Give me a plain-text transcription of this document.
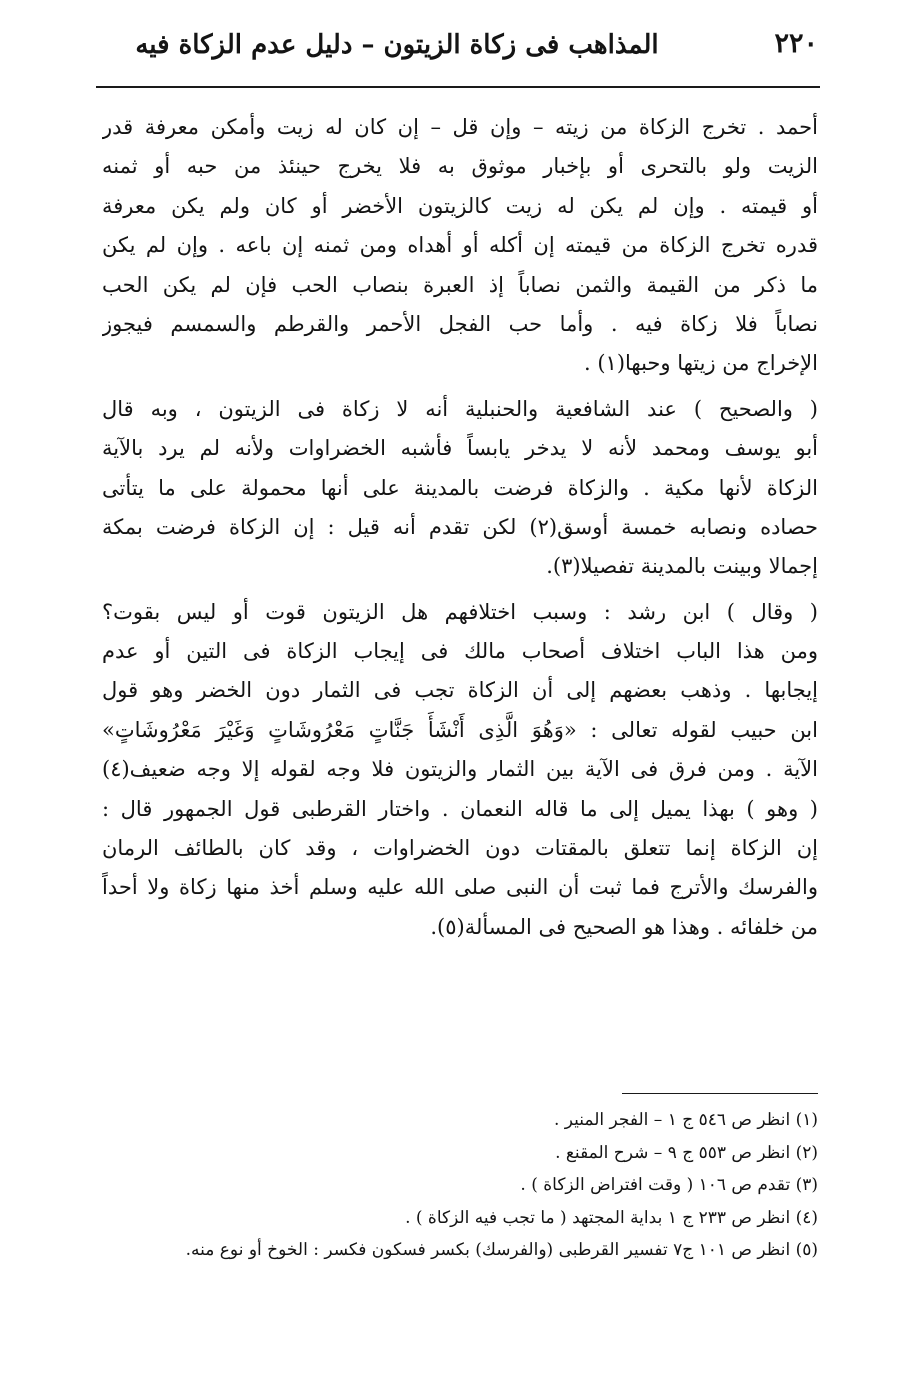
٢٢٠
المذاهب فى زكاة الزيتون – دليل عدم الزكاة فيه
أحمد . تخرج الزكاة من زيته – وإن قل – إن كان له زيت وأمكن معرفة قدر
الزيت ولو بالتحرى أو بإخبار موثوق به فلا يخرج حينئذ من حبه أو ثمنه
أو قيمته . وإن لم يكن له زيت كالزيتون الأخضر أو كان ولم يكن معرفة
قدره تخرج الزكاة من قيمته إن أكله أو أهداه ومن ثمنه إن باعه . وإن لم يكن
ما ذكر من القيمة والثمن نصاباً إذ العبرة بنصاب الحب فإن لم يكن الحب
نصاباً فلا زكاة فيه . وأما حب الفجل الأحمر والقرطم والسمسم فيجوز
الإخراج من زيتها وحبها(١) .
( والصحيح ) عند الشافعية والحنبلية أنه لا زكاة فى الزيتون ، وبه قال
أبو يوسف ومحمد لأنه لا يدخر يابساً فأشبه الخضراوات ولأنه لم يرد بالآية
الزكاة لأنها مكية . والزكاة فرضت بالمدينة على أنها محمولة على ما يتأتى
حصاده ونصابه خمسة أوسق(٢) لكن تقدم أنه قيل : إن الزكاة فرضت بمكة
إجمالا وبينت بالمدينة تفصيلا(٣).
( وقال ) ابن رشد : وسبب اختلافهم هل الزيتون قوت أو ليس بقوت؟
ومن هذا الباب اختلاف أصحاب مالك فى إيجاب الزكاة فى التين أو عدم
إيجابها . وذهب بعضهم إلى أن الزكاة تجب فى الثمار دون الخضر وهو قول
ابن حبيب لقوله تعالى : «وَهُوَ الَّذِى أَنْشَأَ جَنَّاتٍ مَعْرُوشَاتٍ وَغَيْرَ مَعْرُوشَاتٍ»
الآية . ومن فرق فى الآية بين الثمار والزيتون فلا وجه لقوله إلا وجه ضعيف(٤)
( وهو ) بهذا يميل إلى ما قاله النعمان . واختار القرطبى قول الجمهور قال :
إن الزكاة إنما تتعلق بالمقتات دون الخضراوات ، وقد كان بالطائف الرمان
والفرسك والأترج فما ثبت أن النبى صلى الله عليه وسلم أخذ منها زكاة ولا أحداً
من خلفائه . وهذا هو الصحيح فى المسألة(٥).
(١) انظر ص ٥٤٦ ج ١ – الفجر المنير .
(٢) انظر ص ٥٥٣ ج ٩ – شرح المقنع .
(٣) تقدم ص ١٠٦ ( وقت افتراض الزكاة ) .
(٤) انظر ص ٢٣٣ ج ١ بداية المجتهد ( ما تجب فيه الزكاة ) .
(٥) انظر ص ١٠١ ج٧ تفسير القرطبى (والفرسك) بكسر فسكون فكسر : الخوخ أو نوع منه.
